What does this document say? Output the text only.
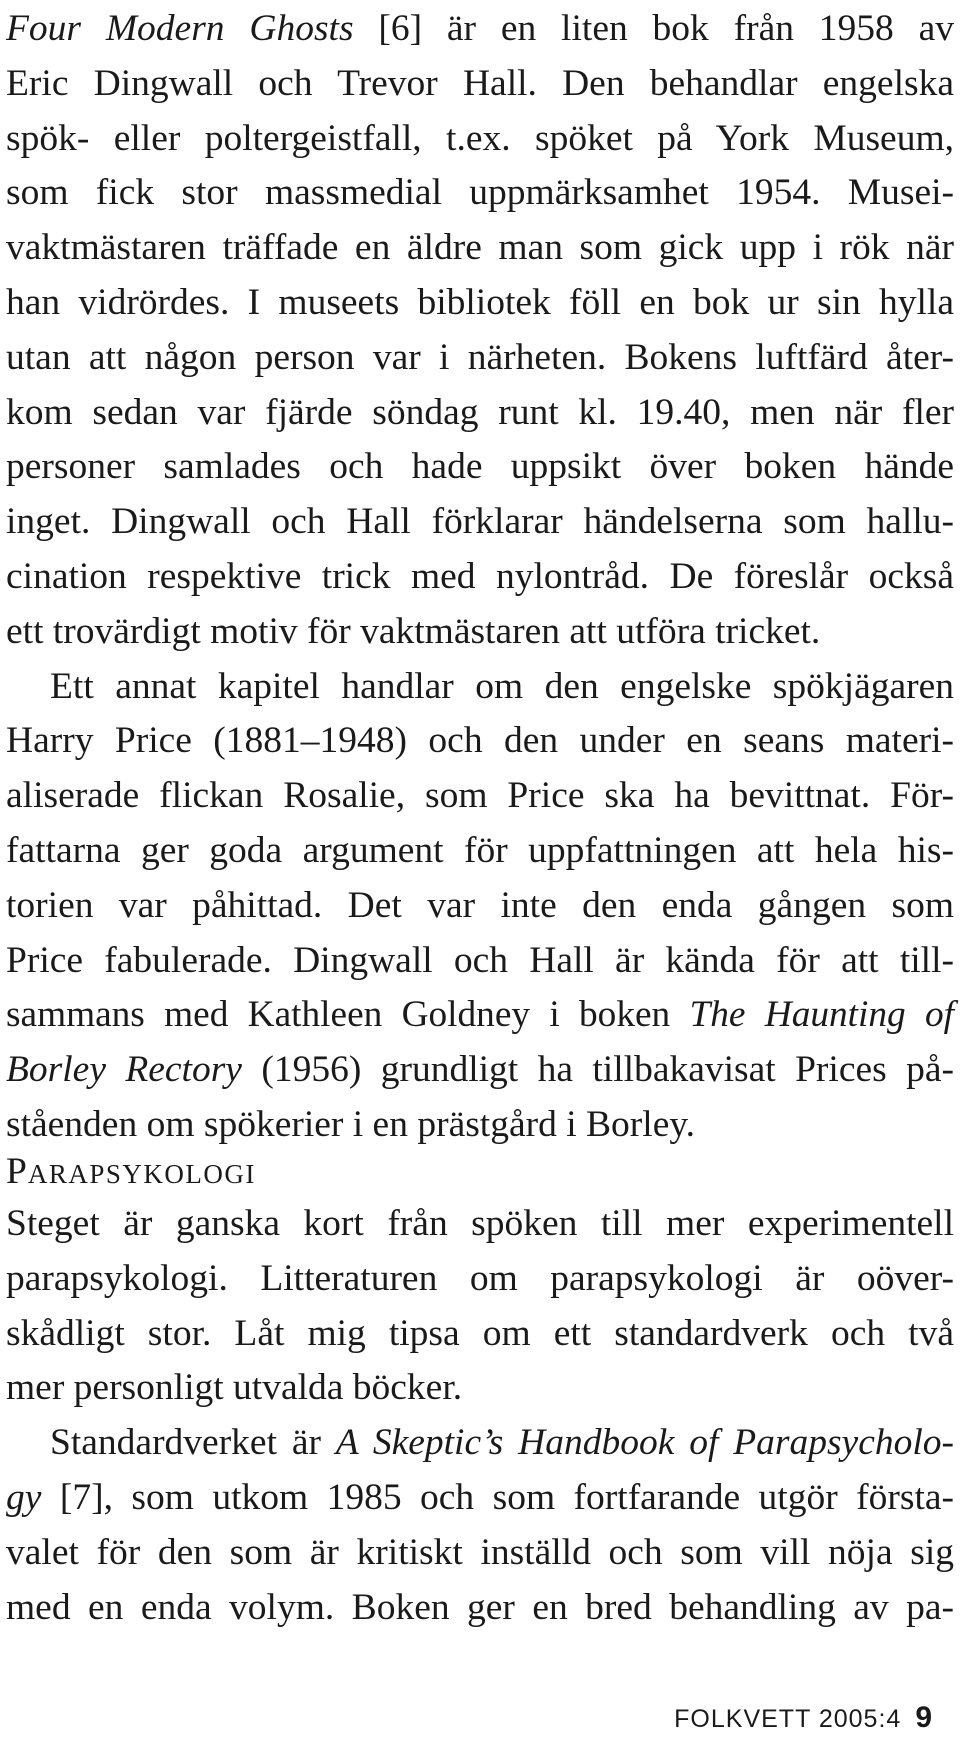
Four Modern Ghosts [6] är en liten bok från 1958 av
Eric Dingwall och Trevor Hall. Den behandlar engelska
spök- eller poltergeistfall, t.ex. spöket på York Museum,
som fick stor massmedial uppmärksamhet 1954. Musei-
vaktmästaren träffade en äldre man som gick upp i rök när
han vidrördes. I museets bibliotek föll en bok ur sin hylla
utan att någon person var i närheten. Bokens luftfärd åter-
kom sedan var fjärde söndag runt kl. 19.40, men när fler
personer samlades och hade uppsikt över boken hände
inget. Dingwall och Hall förklarar händelserna som hallu-
cination respektive trick med nylontråd. De föreslår också
ett trovärdigt motiv för vaktmästaren att utföra tricket.
Ett annat kapitel handlar om den engelske spökjägaren
Harry Price (1881–1948) och den under en seans materi-
aliserade flickan Rosalie, som Price ska ha bevittnat. För-
fattarna ger goda argument för uppfattningen att hela his-
torien var påhittad. Det var inte den enda gången som
Price fabulerade. Dingwall och Hall är kända för att till-
sammans med Kathleen Goldney i boken The Haunting of
Borley Rectory (1956) grundligt ha tillbakavisat Prices på-
ståenden om spökerier i en prästgård i Borley.
PARAPSYKOLOGI
Steget är ganska kort från spöken till mer experimentell
parapsykologi. Litteraturen om parapsykologi är oöver-
skådligt stor. Låt mig tipsa om ett standardverk och två
mer personligt utvalda böcker.
Standardverket är A Skeptic’s Handbook of Parapsycholo-
gy [7], som utkom 1985 och som fortfarande utgör första-
valet för den som är kritiskt inställd och som vill nöja sig
med en enda volym. Boken ger en bred behandling av pa-
FOLKVETT 2005:4 9
